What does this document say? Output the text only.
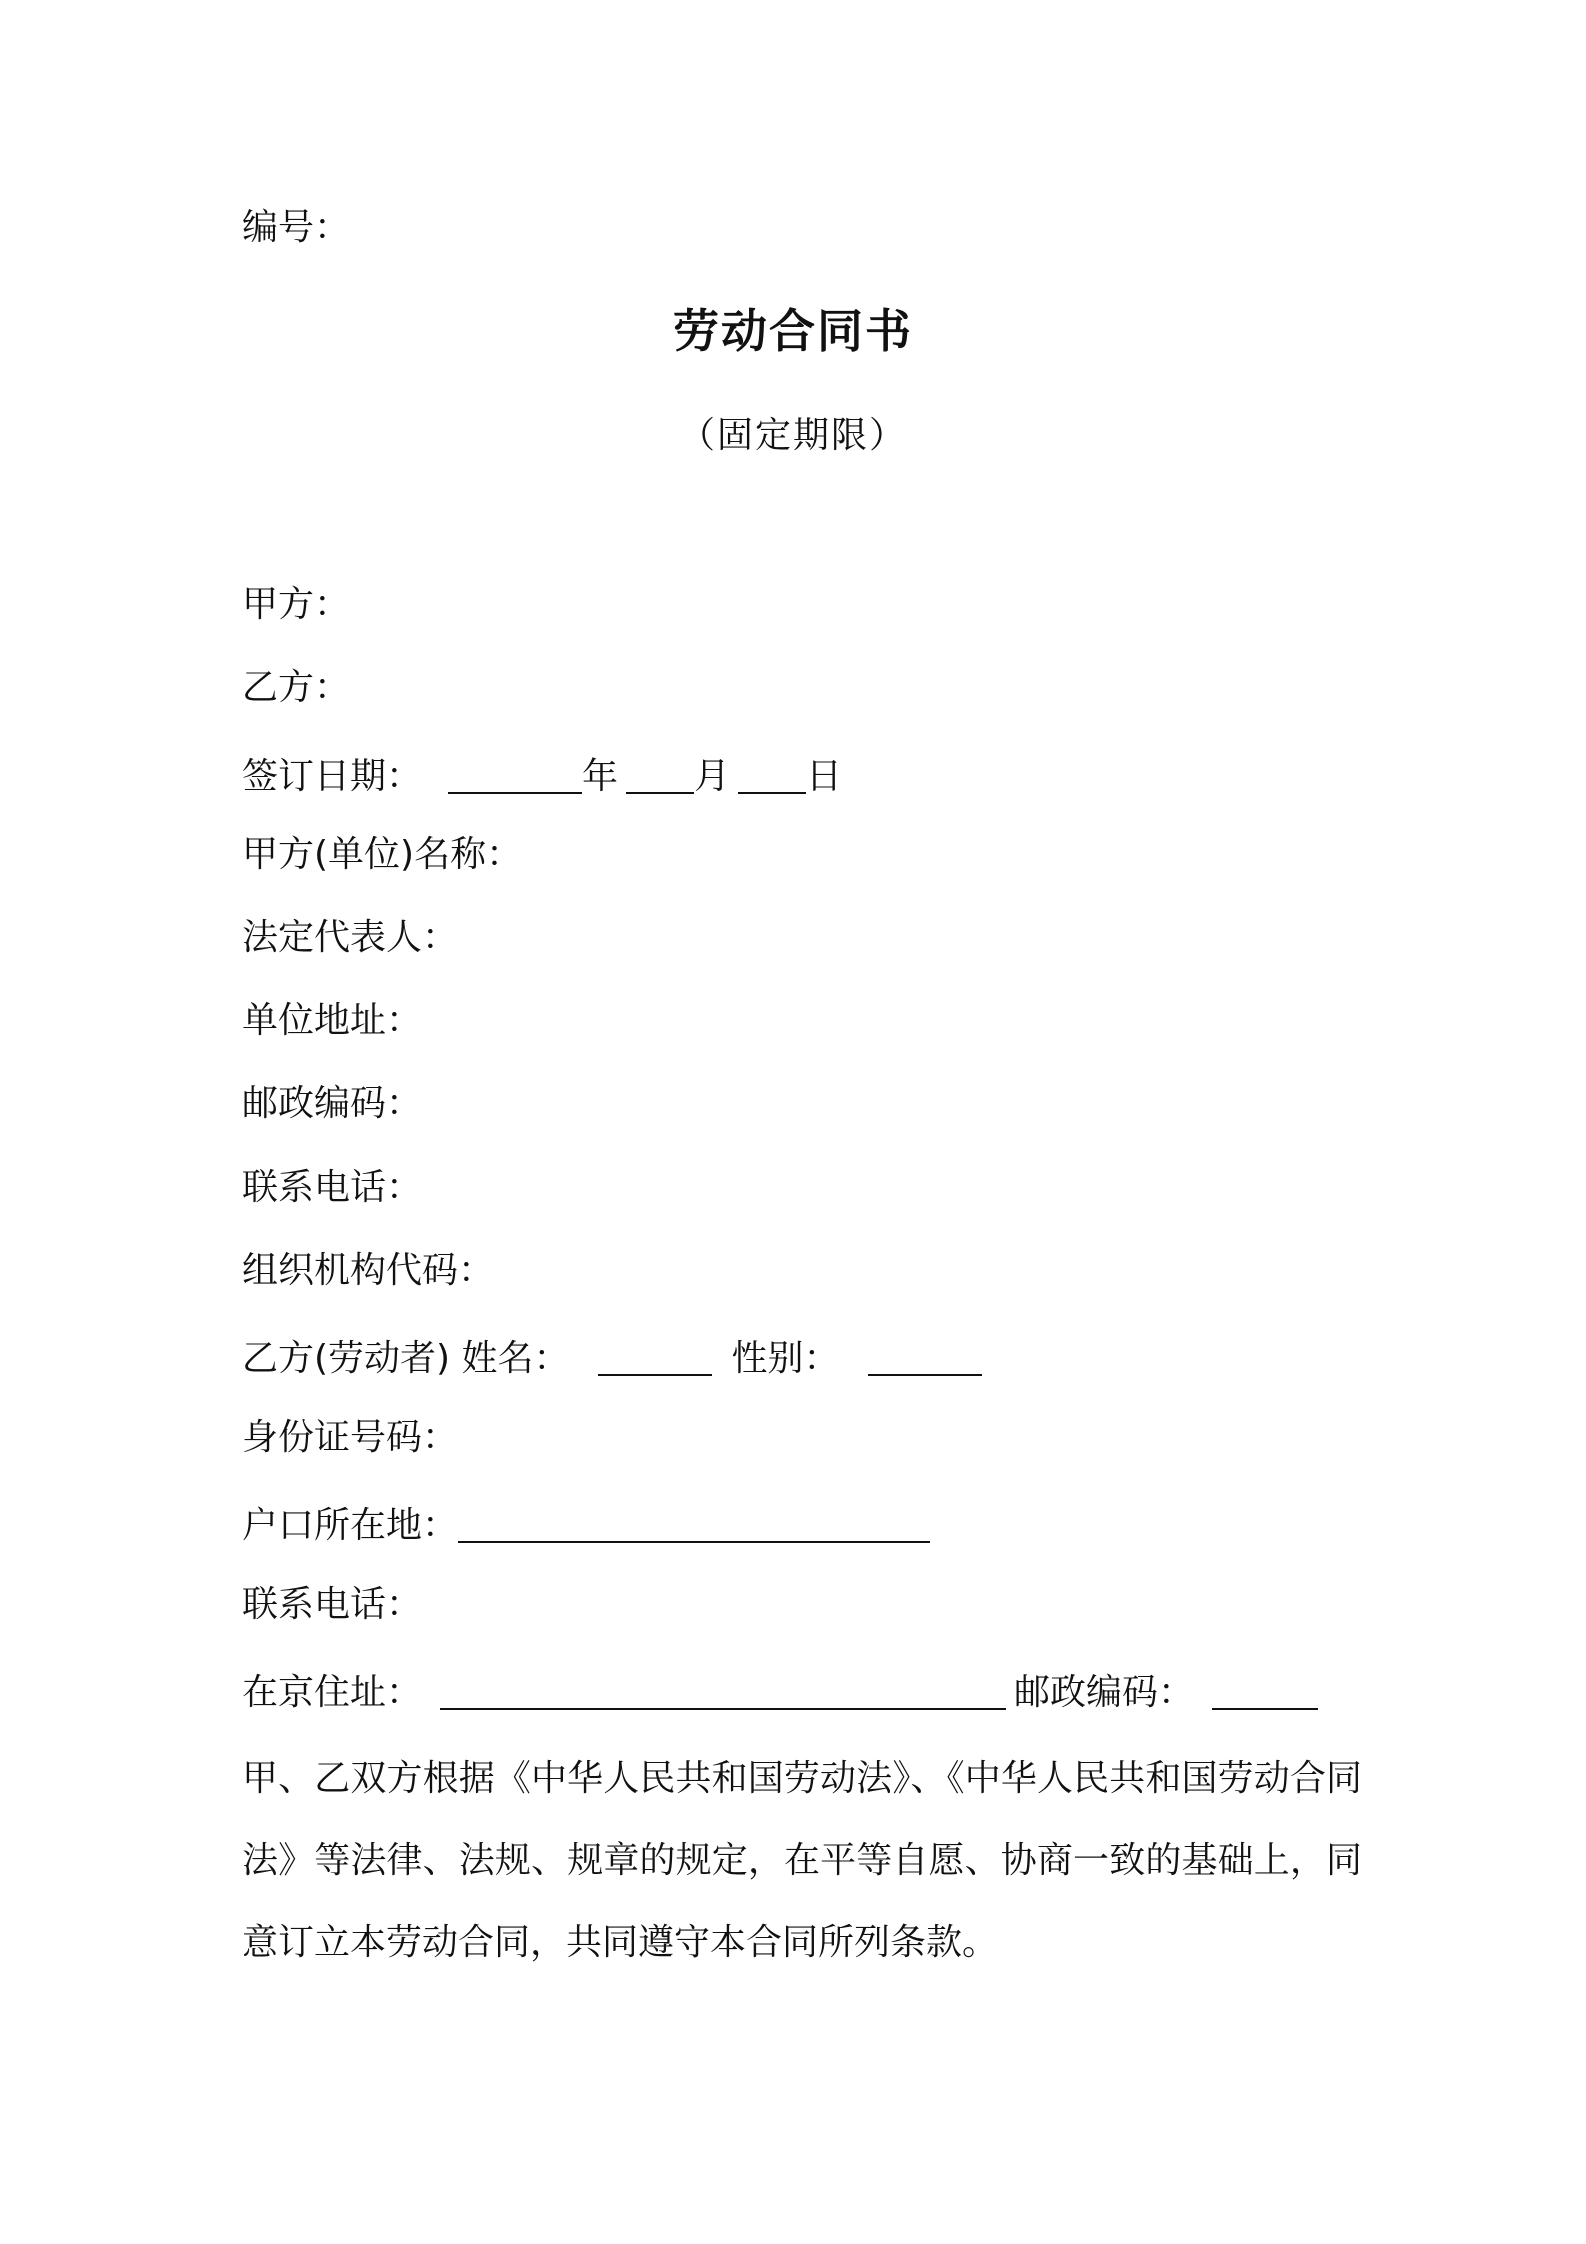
编号：
劳动合同书
（固定期限）
甲方：
乙方：
签订日期：	年 月 日
甲方(单位)名称：
法定代表人：
单位地址：
邮政编码：
联系电话：
组织机构代码：
乙方(劳动者) 姓名：	性别：
身份证号码：
户口所在地：
联系电话：
在京住址：	邮政编码：
甲、乙双方根据《中华人民共和国劳动法》、《中华人民共和国劳动合同法》等法律、法规、规章的规定，在平等自愿、协商一致的基础上，同意订立本劳动合同，共同遵守本合同所列条款。
